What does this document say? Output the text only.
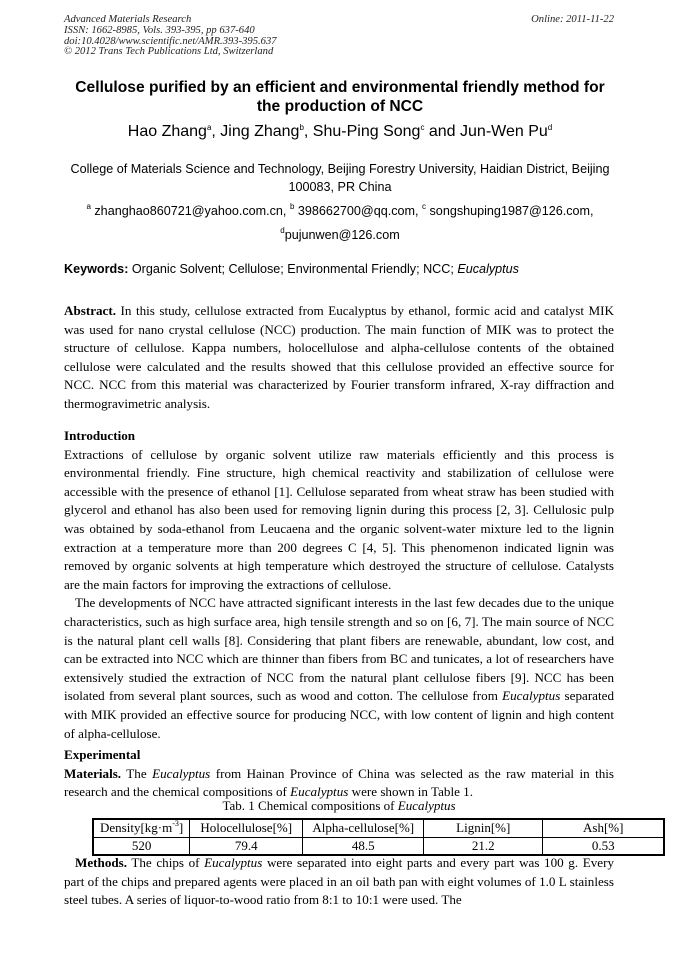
Advanced Materials Research
ISSN: 1662-8985, Vols. 393-395, pp 637-640
doi:10.4028/www.scientific.net/AMR.393-395.637
© 2012 Trans Tech Publications Ltd, Switzerland
Online: 2011-11-22
Cellulose purified by an efficient and environmental friendly method for
the production of NCC
Hao Zhang$^a$, Jing Zhang$^b$, Shu-Ping Song$^c$ and Jun-Wen Pu$^d$
College of Materials Science and Technology, Beijing Forestry University, Haidian District, Beijing
100083, PR China
$^a$ zhanghao860721@yahoo.com.cn, $^b$ 398662700@qq.com, $^c$ songshuping1987@126.com,
$^d$pujunwen@126.com
Keywords: Organic Solvent; Cellulose; Environmental Friendly; NCC; Eucalyptus

Abstract. In this study, cellulose extracted from Eucalyptus by ethanol, formic acid and catalyst MIK was used for nano crystal cellulose (NCC) production. The main function of MIK was to protect the structure of cellulose. Kappa numbers, holocellulose and alpha-cellulose contents of the obtained cellulose were calculated and the results showed that this cellulose provided an effective source for NCC. NCC from this material was characterized by Fourier transform infrared, X-ray diffraction and thermogravimetric analysis.

Introduction

Extractions of cellulose by organic solvent utilize raw materials efficiently and this process is environmental friendly. Fine structure, high chemical reactivity and stabilization of cellulose were accessible with the presence of ethanol [1]. Cellulose separated from wheat straw has been studied with glycerol and ethanol has also been used for removing lignin during this process [2, 3]. Cellulosic pulp was obtained by soda-ethanol from Leucaena and the organic solvent-water mixture led to the lignin extraction at a temperature more than 200 degrees C [4, 5]. This phenomenon indicated lignin was removed by organic solvents at high temperature which destroyed the structure of cellulose. Catalysts are the main factors for improving the extractions of cellulose.

The developments of NCC have attracted significant interests in the last few decades due to the unique characteristics, such as high surface area, high tensile strength and so on [6, 7]. The main source of NCC is the natural plant cell walls [8]. Considering that plant fibers are renewable, abundant, low cost, and can be extracted into NCC which are thinner than fibers from BC and tunicates, a lot of researchers have extensively studied the extraction of NCC from the natural plant cellulose fibers [9]. NCC has been isolated from several plant sources, such as wood and cotton. The cellulose from Eucalyptus separated with MIK provided an effective source for producing NCC, with low content of lignin and high content of alpha-cellulose.

Experimental

Materials. The Eucalyptus from Hainan Province of China was selected as the raw material in this research and the chemical compositions of Eucalyptus were shown in Table 1.

Tab. 1 Chemical compositions of Eucalyptus
$Density[kg\cdot m^{-3}]$	Holocellulose[%]	Alpha-cellulose[%]	Lignin[%]	Ash[%]
520	79.4	48.5	21.2	0.53

Methods. The chips of Eucalyptus were separated into eight parts and every part was 100 g. Every part of the chips and prepared agents were placed in an oil bath pan with eight volumes of 1.0 L stainless steel tubes. A series of liquor-to-wood ratio from 8:1 to 10:1 were used. The
